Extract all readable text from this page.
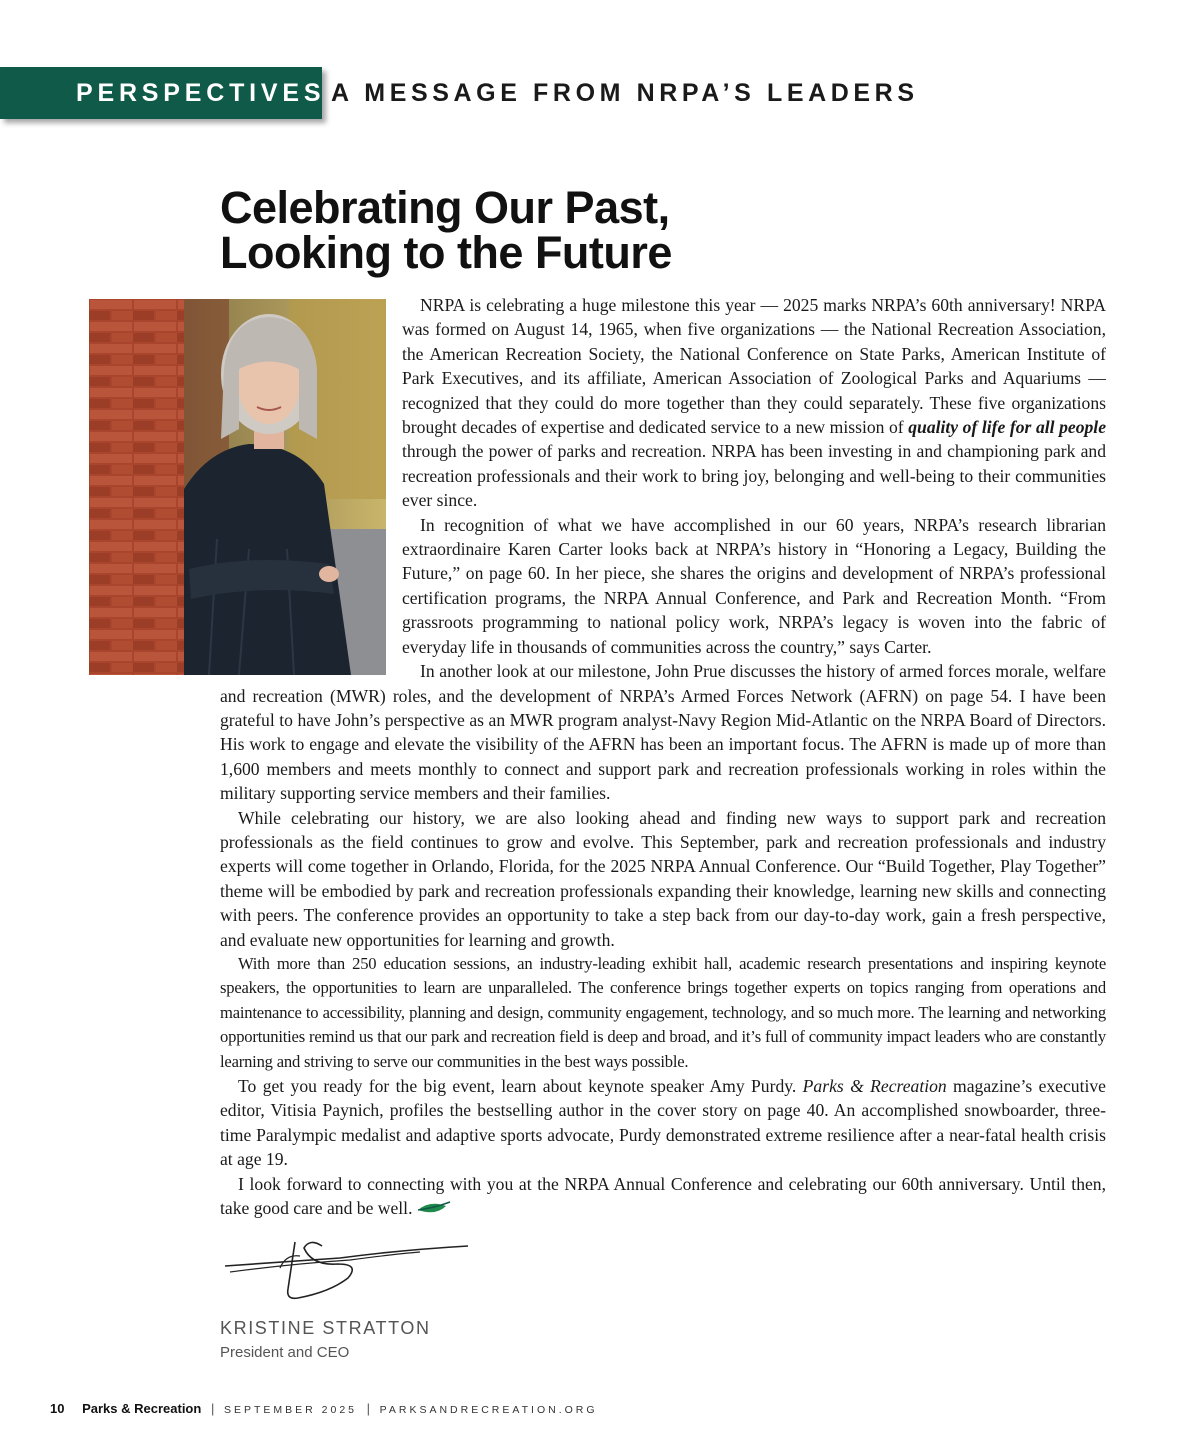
PERSPECTIVES A MESSAGE FROM NRPA’S LEADERS
Celebrating Our Past,
Looking to the Future

NRPA is celebrating a huge milestone this year — 2025 marks NRPA’s 60th anniversary! NRPA was formed on August 14, 1965, when five organizations — the National Recreation Association, the American Recreation Society, the National Conference on State Parks, American Institute of Park Executives, and its affiliate, American Association of Zoological Parks and Aquariums — recognized that they could do more together than they could separately. These five organizations brought decades of expertise and dedicated service to a new mission of quality of life for all people through the power of parks and recreation. NRPA has been investing in and championing park and recreation professionals and their work to bring joy, belonging and well-being to their communities ever since.

In recognition of what we have accomplished in our 60 years, NRPA’s research librarian extraordinaire Karen Carter looks back at NRPA’s history in “Honoring a Legacy, Building the Future,” on page 60. In her piece, she shares the origins and development of NRPA’s professional certification programs, the NRPA Annual Conference, and Park and Recreation Month. “From grassroots programming to national policy work, NRPA’s legacy is woven into the fabric of everyday life in thousands of communities across the country,” says Carter.

In another look at our milestone, John Prue discusses the history of armed forces morale, welfare and recreation (MWR) roles, and the development of NRPA’s Armed Forces Network (AFRN) on page 54. I have been grateful to have John’s perspective as an MWR program analyst-Navy Region Mid-Atlantic on the NRPA Board of Directors. His work to engage and elevate the visibility of the AFRN has been an important focus. The AFRN is made up of more than 1,600 members and meets monthly to connect and support park and recreation professionals working in roles within the military supporting service members and their families.

While celebrating our history, we are also looking ahead and finding new ways to support park and recreation professionals as the field continues to grow and evolve. This September, park and recreation professionals and industry experts will come together in Orlando, Florida, for the 2025 NRPA Annual Conference. Our “Build Together, Play Together” theme will be embodied by park and recreation professionals expanding their knowledge, learning new skills and connecting with peers. The conference provides an opportunity to take a step back from our day-to-day work, gain a fresh perspective, and evaluate new opportunities for learning and growth.

With more than 250 education sessions, an industry-leading exhibit hall, academic research presentations and inspiring keynote speakers, the opportunities to learn are unparalleled. The conference brings together experts on topics ranging from operations and maintenance to accessibility, planning and design, community engagement, technology, and so much more. The learning and networking opportunities remind us that our park and recreation field is deep and broad, and it’s full of community impact leaders who are constantly learning and striving to serve our communities in the best ways possible.

To get you ready for the big event, learn about keynote speaker Amy Purdy. Parks & Recreation magazine’s executive editor, Vitisia Paynich, profiles the bestselling author in the cover story on page 40. An accomplished snowboarder, three-time Paralympic medalist and adaptive sports advocate, Purdy demonstrated extreme resilience after a near-fatal health crisis at age 19.

I look forward to connecting with you at the NRPA Annual Conference and celebrating our 60th anniversary. Until then, take good care and be well.

KRISTINE STRATTON
President and CEO
10 Parks & Recreation | SEPTEMBER 2025 | PARKSANDRECREATION.ORG
